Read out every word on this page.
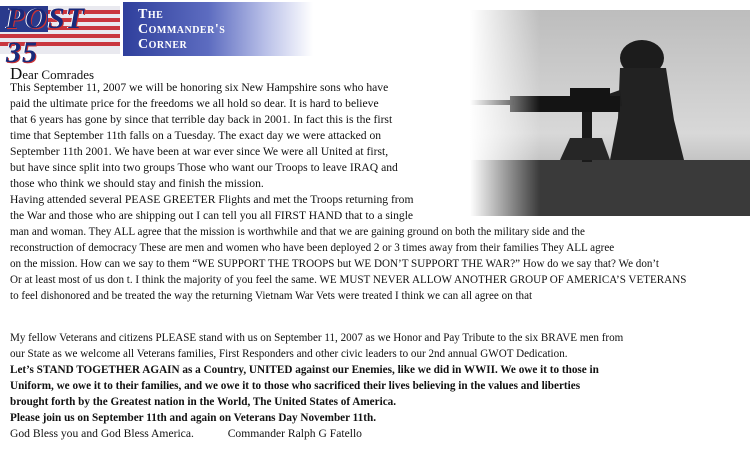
POST 35
The
Commander's
Corner
Dear Comrades
This September 11, 2007 we will be honoring six New Hampshire sons who have
paid the ultimate price for the freedoms we all hold so dear. It is hard to believe
that 6 years has gone by since that terrible day back in 2001. In fact this is the first
time that September 11th falls on a Tuesday. The exact day we were attacked on
September 11th 2001. We have been at war ever since We were all United at first,
but have since split into two groups Those who want our Troops to leave IRAQ and
those who think we should stay and finish the mission.
Having attended several PEASE GREETER Flights and met the Troops returning from
the War and those who are shipping out I can tell you all FIRST HAND that to a single
man and woman. They ALL agree that the mission is worthwhile and that we are gaining ground on both the military side and the
reconstruction of democracy These are men and women who have been deployed 2 or 3 times away from their families They ALL agree
on the mission. How can we say to them “WE SUPPORT THE TROOPS but WE DON’T SUPPORT THE WAR?” How do we say that? We don’t
Or at least most of us don t. I think the majority of you feel the same. WE MUST NEVER ALLOW ANOTHER GROUP OF AMERICA’S VETERANS
to feel dishonored and be treated the way the returning Vietnam War Vets were treated I think we can all agree on that
My fellow Veterans and citizens PLEASE stand with us on September 11, 2007 as we Honor and Pay Tribute to the six BRAVE men from
our State as we welcome all Veterans families, First Responders and other civic leaders to our 2nd annual GWOT Dedication.
Let’s STAND TOGETHER AGAIN as a Country, UNITED against our Enemies, like we did in WWII. We owe it to those in
Uniform, we owe it to their families, and we owe it to those who sacrificed their lives believing in the values and liberties
brought forth by the Greatest nation in the World, The United States of America.
Please join us on September 11th and again on Veterans Day November 11th.
God Bless you and God Bless America.	Commander Ralph G Fatello
